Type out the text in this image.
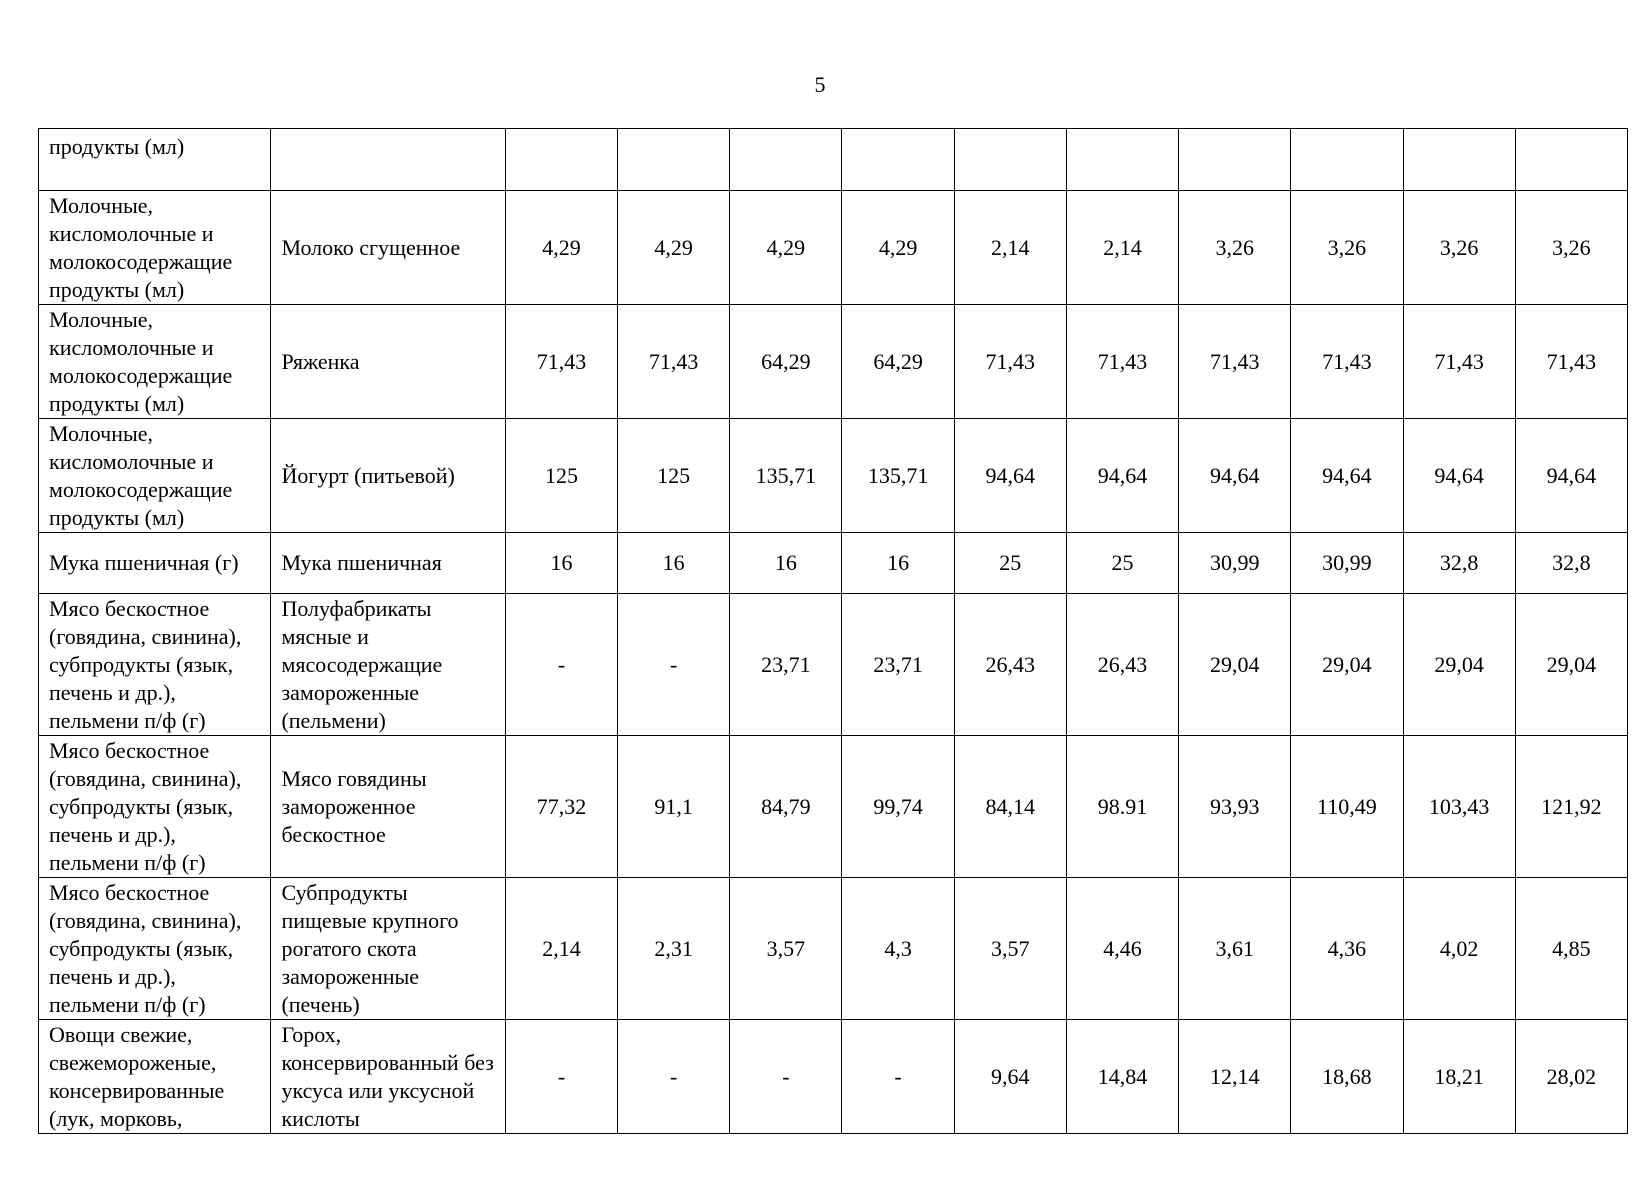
5
продукты (мл)											
Молочные, кисломолочные и молокосодержащие продукты (мл)	Молоко сгущенное	4,29	4,29	4,29	4,29	2,14	2,14	3,26	3,26	3,26	3,26
Молочные, кисломолочные и молокосодержащие продукты (мл)	Ряженка	71,43	71,43	64,29	64,29	71,43	71,43	71,43	71,43	71,43	71,43
Молочные, кисломолочные и молокосодержащие продукты (мл)	Йогурт (питьевой)	125	125	135,71	135,71	94,64	94,64	94,64	94,64	94,64	94,64
Мука пшеничная (г)	Мука пшеничная	16	16	16	16	25	25	30,99	30,99	32,8	32,8
Мясо бескостное (говядина, свинина), субпродукты (язык, печень и др.), пельмени п/ф (г)	Полуфабрикаты мясные и мясосодержащие замороженные (пельмени)	-	-	23,71	23,71	26,43	26,43	29,04	29,04	29,04	29,04
Мясо бескостное (говядина, свинина), субпродукты (язык, печень и др.), пельмени п/ф (г)	Мясо говядины замороженное бескостное	77,32	91,1	84,79	99,74	84,14	98.91	93,93	110,49	103,43	121,92
Мясо бескостное (говядина, свинина), субпродукты (язык, печень и др.), пельмени п/ф (г)	Субпродукты пищевые крупного рогатого скота замороженные (печень)	2,14	2,31	3,57	4,3	3,57	4,46	3,61	4,36	4,02	4,85
Овощи свежие, свежемороженые, консервированные (лук, морковь,	Горох, консервированный без уксуса или уксусной кислоты	-	-	-	-	9,64	14,84	12,14	18,68	18,21	28,02
